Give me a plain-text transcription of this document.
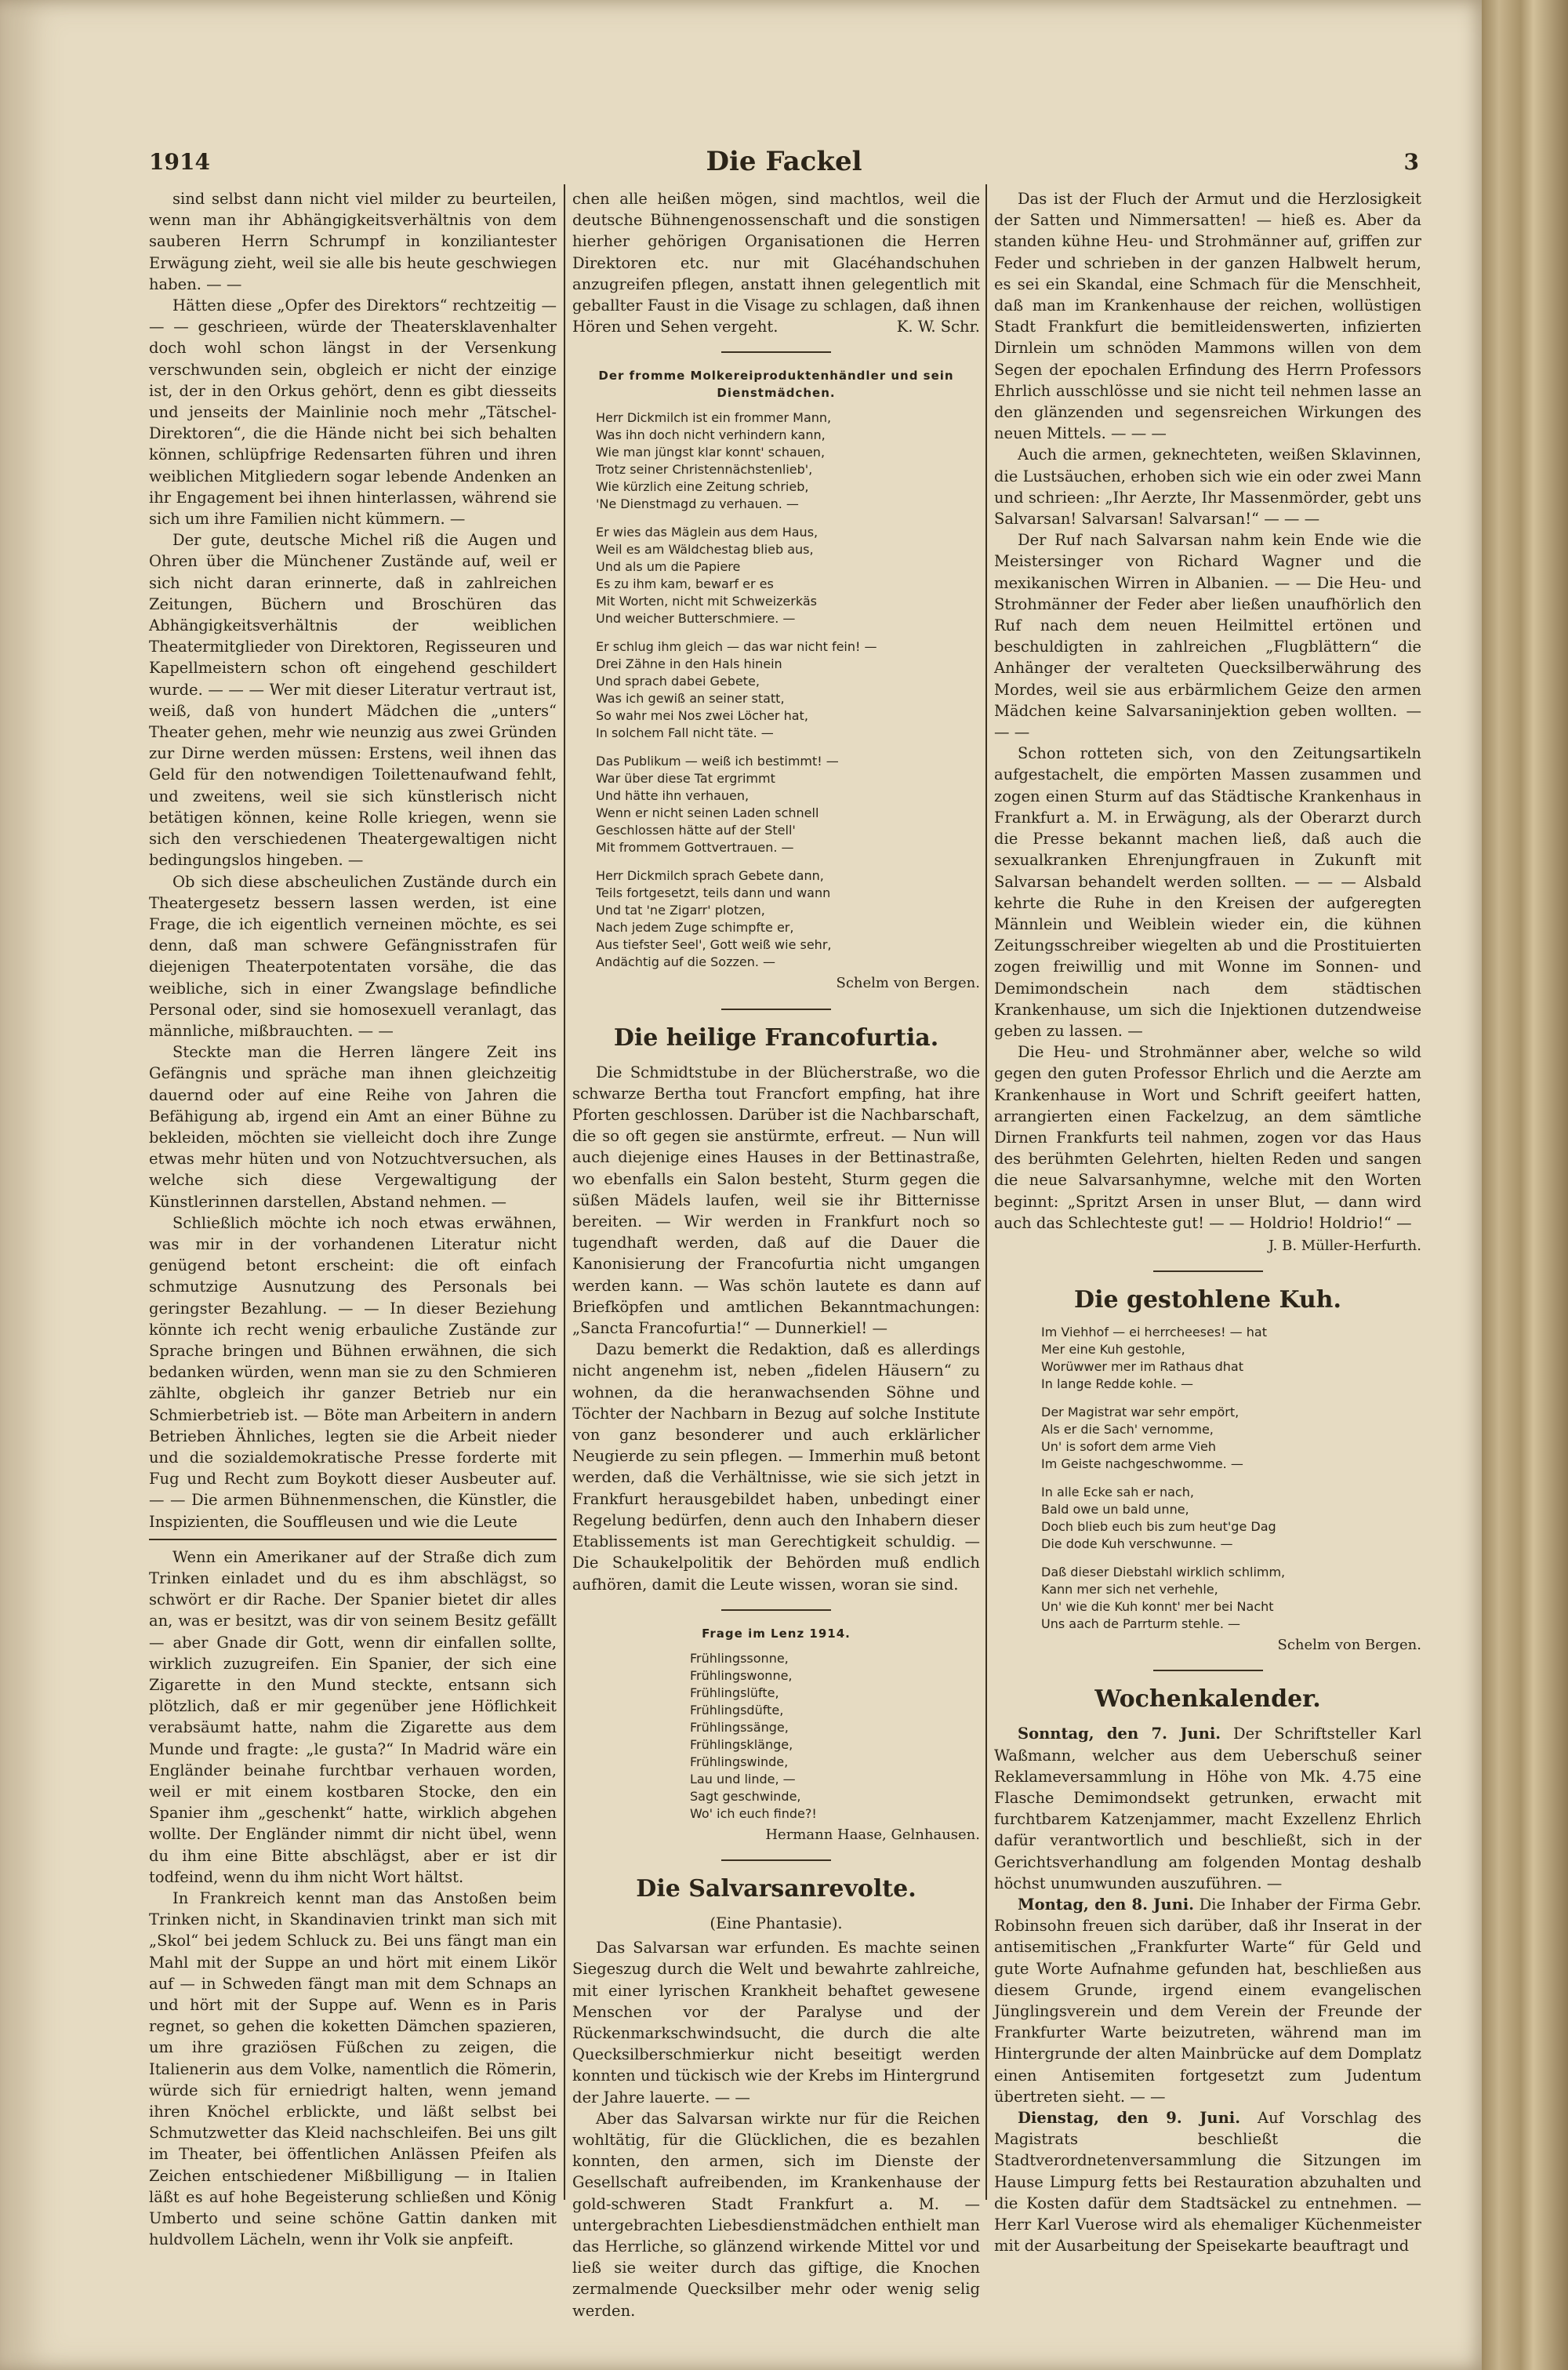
1914	Die Fackel	3

sind selbst dann nicht viel milder zu beurteilen, wenn man ihr Abhängigkeitsverhältnis von dem sauberen Herrn Schrumpf in konziliantester Erwägung zieht, weil sie alle bis heute geschwiegen haben. — —

Hätten diese „Opfer des Direktors“ rechtzeitig — — — geschrieen, würde der Theatersklavenhalter doch wohl schon längst in der Versenkung verschwunden sein, obgleich er nicht der einzige ist, der in den Orkus gehört, denn es gibt diesseits und jenseits der Mainlinie noch mehr „Tätschel-Direktoren“, die die Hände nicht bei sich behalten können, schlüpfrige Redensarten führen und ihren weiblichen Mitgliedern sogar lebende Andenken an ihr Engagement bei ihnen hinterlassen, während sie sich um ihre Familien nicht kümmern. —

Der gute, deutsche Michel riß die Augen und Ohren über die Münchener Zustände auf, weil er sich nicht daran erinnerte, daß in zahlreichen Zeitungen, Büchern und Broschüren das Abhängigkeitsverhältnis der weiblichen Theatermitglieder von Direktoren, Regisseuren und Kapellmeistern schon oft eingehend geschildert wurde. — — — Wer mit dieser Literatur vertraut ist, weiß, daß von hundert Mädchen die „unters“ Theater gehen, mehr wie neunzig aus zwei Gründen zur Dirne werden müssen: Erstens, weil ihnen das Geld für den notwendigen Toilettenaufwand fehlt, und zweitens, weil sie sich künstlerisch nicht betätigen können, keine Rolle kriegen, wenn sie sich den verschiedenen Theatergewaltigen nicht bedingungslos hingeben. —

Ob sich diese abscheulichen Zustände durch ein Theatergesetz bessern lassen werden, ist eine Frage, die ich eigentlich verneinen möchte, es sei denn, daß man schwere Gefängnisstrafen für diejenigen Theaterpotentaten vorsähe, die das weibliche, sich in einer Zwangslage befindliche Personal oder, sind sie homosexuell veranlagt, das männliche, mißbrauchten. — —

Steckte man die Herren längere Zeit ins Gefängnis und spräche man ihnen gleichzeitig dauernd oder auf eine Reihe von Jahren die Befähigung ab, irgend ein Amt an einer Bühne zu bekleiden, möchten sie vielleicht doch ihre Zunge etwas mehr hüten und von Notzuchtversuchen, als welche sich diese Vergewaltigung der Künstlerinnen darstellen, Abstand nehmen. —

Schließlich möchte ich noch etwas erwähnen, was mir in der vorhandenen Literatur nicht genügend betont erscheint: die oft einfach schmutzige Ausnutzung des Personals bei geringster Bezahlung. — — In dieser Beziehung könnte ich recht wenig erbauliche Zustände zur Sprache bringen und Bühnen erwähnen, die sich bedanken würden, wenn man sie zu den Schmieren zählte, obgleich ihr ganzer Betrieb nur ein Schmierbetrieb ist. — Böte man Arbeitern in andern Betrieben Ähnliches, legten sie die Arbeit nieder und die sozialdemokratische Presse forderte mit Fug und Recht zum Boykott dieser Ausbeuter auf. — — Die armen Bühnenmenschen, die Künstler, die Inspizienten, die Souffleusen und wie die Leute

Wenn ein Amerikaner auf der Straße dich zum Trinken einladet und du es ihm abschlägst, so schwört er dir Rache. Der Spanier bietet dir alles an, was er besitzt, was dir von seinem Besitz gefällt — aber Gnade dir Gott, wenn dir einfallen sollte, wirklich zuzugreifen. Ein Spanier, der sich eine Zigarette in den Mund steckte, entsann sich plötzlich, daß er mir gegenüber jene Höflichkeit verabsäumt hatte, nahm die Zigarette aus dem Munde und fragte: „le gusta?“ In Madrid wäre ein Engländer beinahe furchtbar verhauen worden, weil er mit einem kostbaren Stocke, den ein Spanier ihm „geschenkt“ hatte, wirklich abgehen wollte. Der Engländer nimmt dir nicht übel, wenn du ihm eine Bitte abschlägst, aber er ist dir todfeind, wenn du ihm nicht Wort hältst.

In Frankreich kennt man das Anstoßen beim Trinken nicht, in Skandinavien trinkt man sich mit „Skol“ bei jedem Schluck zu. Bei uns fängt man ein Mahl mit der Suppe an und hört mit einem Likör auf — in Schweden fängt man mit dem Schnaps an und hört mit der Suppe auf. Wenn es in Paris regnet, so gehen die koketten Dämchen spazieren, um ihre graziösen Füßchen zu zeigen, die Italienerin aus dem Volke, namentlich die Römerin, würde sich für erniedrigt halten, wenn jemand ihren Knöchel erblickte, und läßt selbst bei Schmutzwetter das Kleid nachschleifen. Bei uns gilt im Theater, bei öffentlichen Anlässen Pfeifen als Zeichen entschiedener Mißbilligung — in Italien läßt es auf hohe Begeisterung schließen und König Umberto und seine schöne Gattin danken mit huldvollem Lächeln, wenn ihr Volk sie anpfeift.

chen alle heißen mögen, sind machtlos, weil die deutsche Bühnengenossenschaft und die sonstigen hierher gehörigen Organisationen die Herren Direktoren etc. nur mit Glacéhandschuhen anzugreifen pflegen, anstatt ihnen gelegentlich mit geballter Faust in die Visage zu schlagen, daß ihnen Hören und Sehen vergeht.	K. W. Schr.

Der fromme Molkereiproduktenhändler und sein Dienstmädchen.
Herr Dickmilch ist ein frommer Mann,
Was ihn doch nicht verhindern kann,
Wie man jüngst klar konnt' schauen,
Trotz seiner Christennächstenlieb',
Wie kürzlich eine Zeitung schrieb,
'Ne Dienstmagd zu verhauen. —
Er wies das Mäglein aus dem Haus,
Weil es am Wäldchestag blieb aus,
Und als um die Papiere
Es zu ihm kam, bewarf er es
Mit Worten, nicht mit Schweizerkäs
Und weicher Butterschmiere. —
Er schlug ihm gleich — das war nicht fein! —
Drei Zähne in den Hals hinein
Und sprach dabei Gebete,
Was ich gewiß an seiner statt,
So wahr mei Nos zwei Löcher hat,
In solchem Fall nicht täte. —
Das Publikum — weiß ich bestimmt! —
War über diese Tat ergrimmt
Und hätte ihn verhauen,
Wenn er nicht seinen Laden schnell
Geschlossen hätte auf der Stell'
Mit frommem Gottvertrauen. —
Herr Dickmilch sprach Gebete dann,
Teils fortgesetzt, teils dann und wann
Und tat 'ne Zigarr' plotzen,
Nach jedem Zuge schimpfte er,
Aus tiefster Seel', Gott weiß wie sehr,
Andächtig auf die Sozzen. —
Schelm von Bergen.
Die heilige Francofurtia.

Die Schmidtstube in der Blücherstraße, wo die schwarze Bertha tout Francfort empfing, hat ihre Pforten geschlossen. Darüber ist die Nachbarschaft, die so oft gegen sie anstürmte, erfreut. — Nun will auch diejenige eines Hauses in der Bettinastraße, wo ebenfalls ein Salon besteht, Sturm gegen die süßen Mädels laufen, weil sie ihr Bitternisse bereiten. — Wir werden in Frankfurt noch so tugendhaft werden, daß auf die Dauer die Kanonisierung der Francofurtia nicht umgangen werden kann. — Was schön lautete es dann auf Briefköpfen und amtlichen Bekanntmachungen: „Sancta Francofurtia!“ — Dunnerkiel! —

Dazu bemerkt die Redaktion, daß es allerdings nicht angenehm ist, neben „fidelen Häusern“ zu wohnen, da die heranwachsenden Söhne und Töchter der Nachbarn in Bezug auf solche Institute von ganz besonderer und auch erklärlicher Neugierde zu sein pflegen. — Immerhin muß betont werden, daß die Verhältnisse, wie sie sich jetzt in Frankfurt herausgebildet haben, unbedingt einer Regelung bedürfen, denn auch den Inhabern dieser Etablissements ist man Gerechtigkeit schuldig. — Die Schaukelpolitik der Behörden muß endlich aufhören, damit die Leute wissen, woran sie sind.

Frage im Lenz 1914.
Frühlingssonne,
Frühlingswonne,
Frühlingslüfte,
Frühlingsdüfte,
Frühlingssänge,
Frühlingsklänge,
Frühlingswinde,
Lau und linde, —
Sagt geschwinde,
Wo' ich euch finde?!
Hermann Haase, Gelnhausen.
Die Salvarsanrevolte.
(Eine Phantasie).

Das Salvarsan war erfunden. Es machte seinen Siegeszug durch die Welt und bewahrte zahlreiche, mit einer lyrischen Krankheit behaftet gewesene Menschen vor der Paralyse und der Rückenmarkschwindsucht, die durch die alte Quecksilberschmierkur nicht beseitigt werden konnten und tückisch wie der Krebs im Hintergrund der Jahre lauerte. — —

Aber das Salvarsan wirkte nur für die Reichen wohltätig, für die Glücklichen, die es bezahlen konnten, den armen, sich im Dienste der Gesellschaft aufreibenden, im Krankenhause der gold-schweren Stadt Frankfurt a. M. — untergebrachten Liebesdienstmädchen enthielt man das Herrliche, so glänzend wirkende Mittel vor und ließ sie weiter durch das giftige, die Knochen zermalmende Quecksilber mehr oder wenig selig werden.

Das ist der Fluch der Armut und die Herzlosigkeit der Satten und Nimmersatten! — hieß es. Aber da standen kühne Heu- und Strohmänner auf, griffen zur Feder und schrieben in der ganzen Halbwelt herum, es sei ein Skandal, eine Schmach für die Menschheit, daß man im Krankenhause der reichen, wollüstigen Stadt Frankfurt die bemitleidenswerten, infizierten Dirnlein um schnöden Mammons willen von dem Segen der epochalen Erfindung des Herrn Professors Ehrlich ausschlösse und sie nicht teil nehmen lasse an den glänzenden und segensreichen Wirkungen des neuen Mittels. — — —

Auch die armen, geknechteten, weißen Sklavinnen, die Lustsäuchen, erhoben sich wie ein oder zwei Mann und schrieen: „Ihr Aerzte, Ihr Massenmörder, gebt uns Salvarsan! Salvarsan! Salvarsan!“ — — —

Der Ruf nach Salvarsan nahm kein Ende wie die Meistersinger von Richard Wagner und die mexikanischen Wirren in Albanien. — — Die Heu- und Strohmänner der Feder aber ließen unaufhörlich den Ruf nach dem neuen Heilmittel ertönen und beschuldigten in zahlreichen „Flugblättern“ die Anhänger der veralteten Quecksilberwährung des Mordes, weil sie aus erbärmlichem Geize den armen Mädchen keine Salvarsaninjektion geben wollten. — — —

Schon rotteten sich, von den Zeitungsartikeln aufgestachelt, die empörten Massen zusammen und zogen einen Sturm auf das Städtische Krankenhaus in Frankfurt a. M. in Erwägung, als der Oberarzt durch die Presse bekannt machen ließ, daß auch die sexualkranken Ehrenjungfrauen in Zukunft mit Salvarsan behandelt werden sollten. — — — Alsbald kehrte die Ruhe in den Kreisen der aufgeregten Männlein und Weiblein wieder ein, die kühnen Zeitungsschreiber wiegelten ab und die Prostituierten zogen freiwillig und mit Wonne im Sonnen- und Demimondschein nach dem städtischen Krankenhause, um sich die Injektionen dutzendweise geben zu lassen. —

Die Heu- und Strohmänner aber, welche so wild gegen den guten Professor Ehrlich und die Aerzte am Krankenhause in Wort und Schrift geeifert hatten, arrangierten einen Fackelzug, an dem sämtliche Dirnen Frankfurts teil nahmen, zogen vor das Haus des berühmten Gelehrten, hielten Reden und sangen die neue Salvarsanhymne, welche mit den Worten beginnt: „Spritzt Arsen in unser Blut, — dann wird auch das Schlechteste gut! — — Holdrio! Holdrio!“ —

J. B. Müller-Herfurth.
Die gestohlene Kuh.
Im Viehhof — ei herrcheeses! — hat
Mer eine Kuh gestohle,
Worüwwer mer im Rathaus dhat
In lange Redde kohle. —
Der Magistrat war sehr empört,
Als er die Sach' vernomme,
Un' is sofort dem arme Vieh
Im Geiste nachgeschwomme. —
In alle Ecke sah er nach,
Bald owe un bald unne,
Doch blieb euch bis zum heut'ge Dag
Die dode Kuh verschwunne. —
Daß dieser Diebstahl wirklich schlimm,
Kann mer sich net verhehle,
Un' wie die Kuh konnt' mer bei Nacht
Uns aach de Parrturm stehle. —
Schelm von Bergen.
Wochenkalender.

Sonntag, den 7. Juni. Der Schriftsteller Karl Waßmann, welcher aus dem Ueberschuß seiner Reklameversammlung in Höhe von Mk. 4.75 eine Flasche Demimondsekt getrunken, erwacht mit furchtbarem Katzenjammer, macht Exzellenz Ehrlich dafür verantwortlich und beschließt, sich in der Gerichtsverhandlung am folgenden Montag deshalb höchst unumwunden auszuführen. —

Montag, den 8. Juni. Die Inhaber der Firma Gebr. Robinsohn freuen sich darüber, daß ihr Inserat in der antisemitischen „Frankfurter Warte“ für Geld und gute Worte Aufnahme gefunden hat, beschließen aus diesem Grunde, irgend einem evangelischen Jünglingsverein und dem Verein der Freunde der Frankfurter Warte beizutreten, während man im Hintergrunde der alten Mainbrücke auf dem Domplatz einen Antisemiten fortgesetzt zum Judentum übertreten sieht. — —

Dienstag, den 9. Juni. Auf Vorschlag des Magistrats beschließt die Stadtverordnetenversammlung die Sitzungen im Hause Limpurg fetts bei Restauration abzuhalten und die Kosten dafür dem Stadtsäckel zu entnehmen. — Herr Karl Vuerose wird als ehemaliger Küchenmeister mit der Ausarbeitung der Speisekarte beauftragt und
